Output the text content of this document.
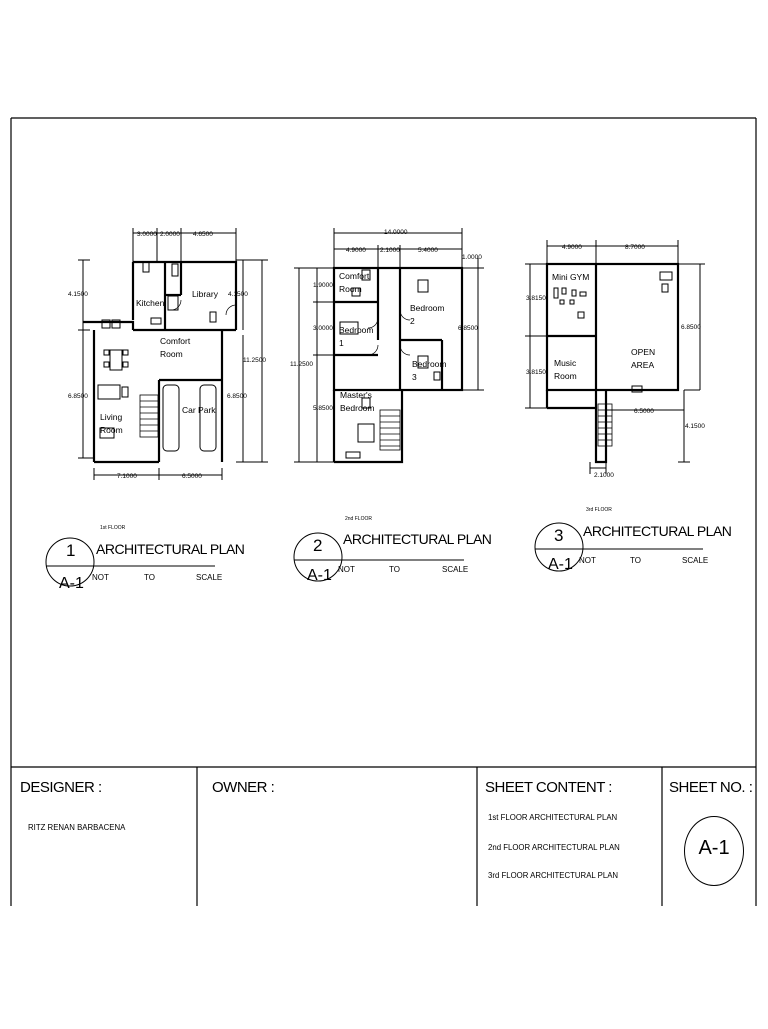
3.0000 2.0000 4.6500
4.1500	4.1500
11.2500
6.8500	6.8500
7.1000	6.5000
Kitchen
Library
Comfort
Room
Living
Room
Car Park
1st FLOOR
1
A-1
ARCHITECTURAL PLAN
NOT	TO	SCALE
14.0000
4.9000 2.1000	5.4000
1.0000
1.9000
3.0000	6.8500
11.2500
5.8500
Comfort
Room
Bedroom
2
Bedroom
1
Bedroom
3
Master's
Bedroom
2nd FLOOR
2
A-1
ARCHITECTURAL PLAN
NOT	TO	SCALE
4.9000	8.7000
3.8150
6.8500
3.8150
6.5000
4.1500
2.1000
Mini GYM
Music
Room
OPEN
AREA
3rd FLOOR
3
A-1
ARCHITECTURAL PLAN
NOT	TO	SCALE
DESIGNER :
RITZ RENAN BARBACENA
OWNER :	SHEET CONTENT :
1st FLOOR ARCHITECTURAL PLAN
2nd FLOOR ARCHITECTURAL PLAN
3rd FLOOR ARCHITECTURAL PLAN
SHEET NO. :
A-1
